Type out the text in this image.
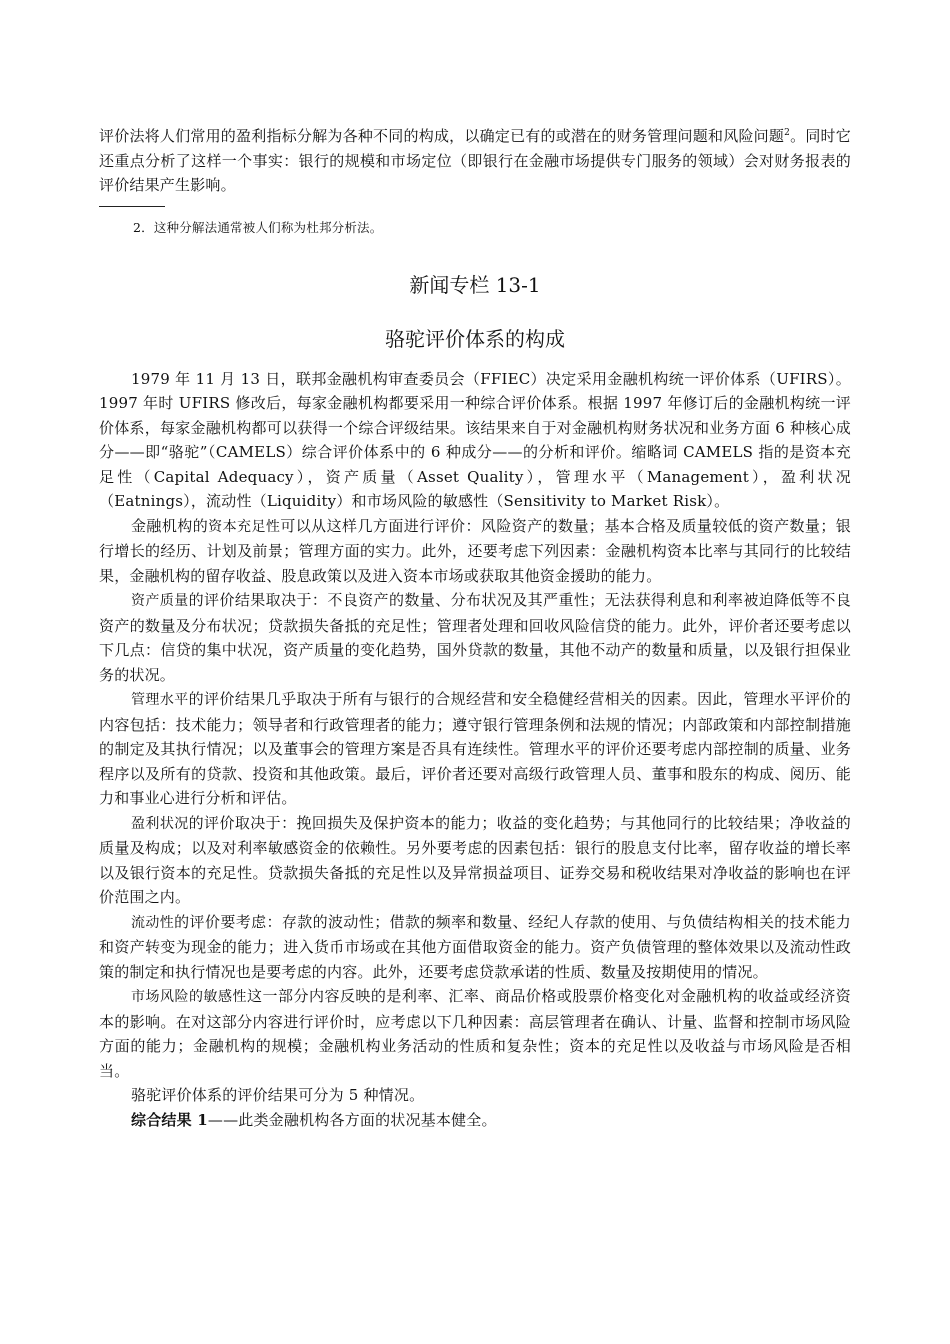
评价法将人们常用的盈利指标分解为各种不同的构成，以确定已有的或潜在的财务管理问题和风险问题$^2$。同时它还重点分析了这样一个事实：银行的规模和市场定位（即银行在金融市场提供专门服务的领域）会对财务报表的评价结果产生影响。

2．这种分解法通常被人们称为杜邦分析法。

新闻专栏 13-1
骆驼评价体系的构成

1979 年 11 月 13 日，联邦金融机构审查委员会（FFIEC）决定采用金融机构统一评价体系（UFIRS）。1997 年时 UFIRS 修改后，每家金融机构都要采用一种综合评价体系。根据 1997 年修订后的金融机构统一评价体系，每家金融机构都可以获得一个综合评级结果。该结果来自于对金融机构财务状况和业务方面 6 种核心成分——即“骆驼”（CAMELS）综合评价体系中的 6 种成分——的分析和评价。缩略词 CAMELS 指的是资本充足性（Capital Adequacy），资产质量（Asset Quality），管理水平（Management），盈利状况（Eatnings），流动性（Liquidity）和市场风险的敏感性（Sensitivity to Market Risk）。

金融机构的资本充足性可以从这样几方面进行评价：风险资产的数量；基本合格及质量较低的资产数量；银行增长的经历、计划及前景；管理方面的实力。此外，还要考虑下列因素：金融机构资本比率与其同行的比较结果，金融机构的留存收益、股息政策以及进入资本市场或获取其他资金援助的能力。

资产质量的评价结果取决于：不良资产的数量、分布状况及其严重性；无法获得利息和利率被迫降低等不良资产的数量及分布状况；贷款损失备抵的充足性；管理者处理和回收风险信贷的能力。此外，评价者还要考虑以下几点：信贷的集中状况，资产质量的变化趋势，国外贷款的数量，其他不动产的数量和质量，以及银行担保业务的状况。

管理水平的评价结果几乎取决于所有与银行的合规经营和安全稳健经营相关的因素。因此，管理水平评价的内容包括：技术能力；领导者和行政管理者的能力；遵守银行管理条例和法规的情况；内部政策和内部控制措施的制定及其执行情况；以及董事会的管理方案是否具有连续性。管理水平的评价还要考虑内部控制的质量、业务程序以及所有的贷款、投资和其他政策。最后，评价者还要对高级行政管理人员、董事和股东的构成、阅历、能力和事业心进行分析和评估。

盈利状况的评价取决于：挽回损失及保护资本的能力；收益的变化趋势；与其他同行的比较结果；净收益的质量及构成；以及对利率敏感资金的依赖性。另外要考虑的因素包括：银行的股息支付比率，留存收益的增长率以及银行资本的充足性。贷款损失备抵的充足性以及异常损益项目、证券交易和税收结果对净收益的影响也在评价范围之内。

流动性的评价要考虑：存款的波动性；借款的频率和数量、经纪人存款的使用、与负债结构相关的技术能力和资产转变为现金的能力；进入货币市场或在其他方面借取资金的能力。资产负债管理的整体效果以及流动性政策的制定和执行情况也是要考虑的内容。此外，还要考虑贷款承诺的性质、数量及按期使用的情况。

市场风险的敏感性这一部分内容反映的是利率、汇率、商品价格或股票价格变化对金融机构的收益或经济资本的影响。在对这部分内容进行评价时，应考虑以下几种因素：高层管理者在确认、计量、监督和控制市场风险方面的能力；金融机构的规模；金融机构业务活动的性质和复杂性；资本的充足性以及收益与市场风险是否相当。

骆驼评价体系的评价结果可分为 5 种情况。

综合结果 1——此类金融机构各方面的状况基本健全。
